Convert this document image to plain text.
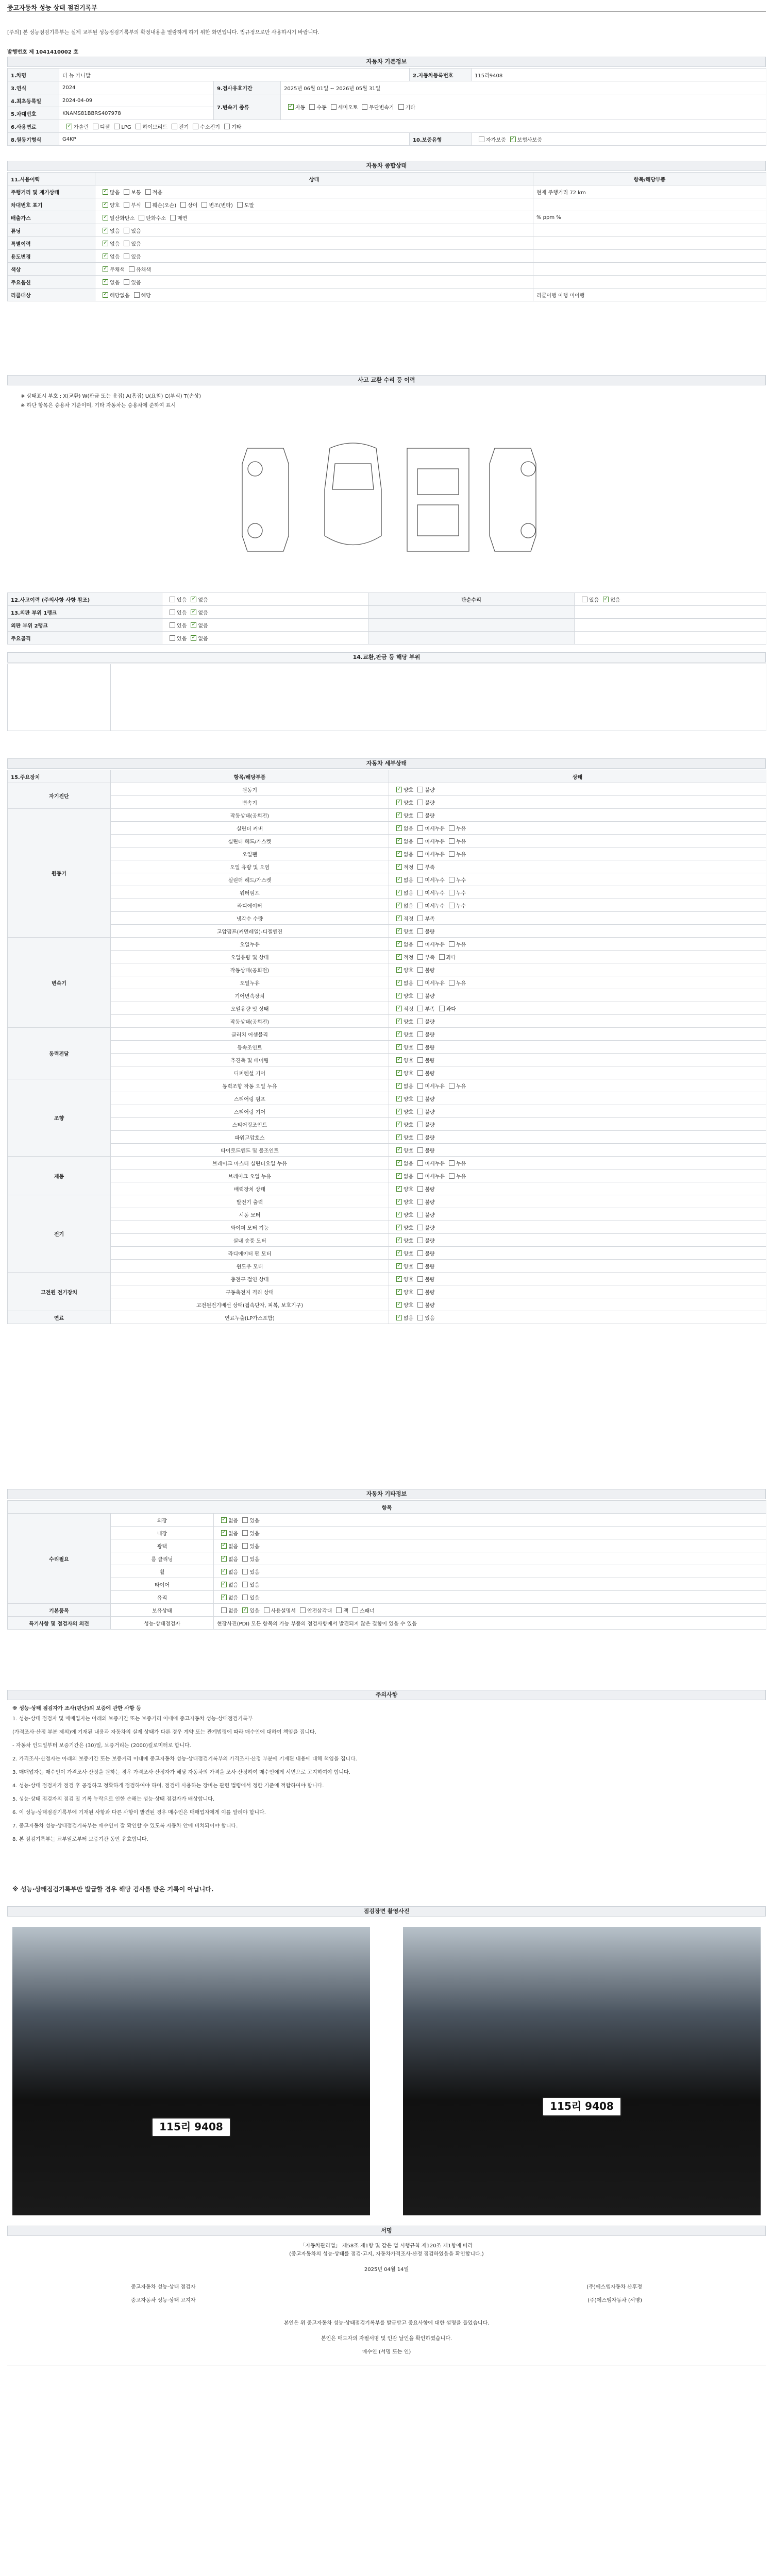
중고자동차 성능 상태 점검기록부
[주의] 본 성능점검기록부는 실제 교부된 성능점검기록부의 확정내용을 열람하게 하기 위한 화면입니다. 법규정으로만 사용하시기 바랍니다.
발행번호 제 1041410002 호
자동차 기본정보
1.차명	더 뉴 카니발			2.자동차등록번호	115리9408
3.연식	2024	9.검사유효기간	2025년 06월 01일 ~ 2026년 05월 31일		
4.최초등록일	2024-04-09	7.변속기 종류	✓자동 수동 세미오토 무단변속기 기타
5.차대번호	KNAMS81BBRS407978				
6.사용연료	✓가솔린 디젤 LPG 하이브리드 전기 수소전기 기타
8.원동기형식	G4KP			10.보증유형	자가보증 ✓ 보험사보증
자동차 종합상태
11.사용이력	상태	항목/해당부품
주행거리 및 계기상태	✓많음 보통 적음	현재 주행거리 72 km
차대번호 표기	✓양호 부식 훼손(오손) 상이 변조(변타) 도말	
배출가스	✓일산화탄소 탄화수소 매연	% ppm %
튜닝	✓없음 있음	
특별이력	✓없음 있음	
용도변경	✓없음 있음	
색상	✓무채색 유채색	
주요옵션	✓없음 있음	
리콜대상	✓해당없음 해당	리콜이행 이행 미이행
사고 교환 수리 등 이력
※ 상태표시 부호 : X(교환) W(판금 또는 용접) A(흠집) U(요철) C(부식) T(손상)
※ 하단 항목은 승용차 기준이며, 기타 자동차는 승용차에 준하여 표시
12.사고이력 (주의사항 사항 참조)	있음 ✓ 없음	단순수리	있음 ✓ 없음
13.외판 부위 1랭크	있음 ✓ 없음		
외판 부위 2랭크	있음 ✓ 없음		
주요골격	있음 ✓ 없음		
14.교환,판금 등 해당 부위

자동차 세부상태
15.주요장치	항목/해당부품	상태
자기진단	원동기	✓양호 불량
	변속기	✓양호 불량
원동기	작동상태(공회전)	✓양호 불량
	실린더 커버	✓없음 미세누유 누유
	실린더 헤드/가스켓	✓없음 미세누유 누유
	오일팬	✓없음 미세누유 누유
	오일 유량 및 오염	✓적정 부족
	실린더 헤드/가스켓	✓없음 미세누수 누수
	워터펌프	✓없음 미세누수 누수
	라디에이터	✓없음 미세누수 누수
	냉각수 수량	✓적정 부족
	고압펌프(커먼레일)-디젤엔진	✓양호 불량
변속기	오일누유	✓없음 미세누유 누유
	오일유량 및 상태	✓적정 부족 과다
	작동상태(공회전)	✓양호 불량
	오일누유	✓없음 미세누유 누유
	기어변속장치	✓양호 불량
	오일유량 및 상태	✓적정 부족 과다
	작동상태(공회전)	✓양호 불량
동력전달	클러치 어셈블리	✓양호 불량
	등속조인트	✓양호 불량
	추진축 및 베어링	✓양호 불량
	디퍼렌셜 기어	✓양호 불량
조향	동력조향 작동 오일 누유	✓없음 미세누유 누유
	스티어링 펌프	✓양호 불량
	스티어링 기어	✓양호 불량
	스티어링조인트	✓양호 불량
	파워고압호스	✓양호 불량
	타이로드엔드 및 볼조인트	✓양호 불량
제동	브레이크 마스터 실린더오일 누유	✓없음 미세누유 누유
	브레이크 오일 누유	✓없음 미세누유 누유
	배력장치 상태	✓양호 불량
전기	발전기 출력	✓양호 불량
	시동 모터	✓양호 불량
	와이퍼 모터 기능	✓양호 불량
	실내 송풍 모터	✓양호 불량
	라디에이터 팬 모터	✓양호 불량
	윈도우 모터	✓양호 불량
고전원 전기장치	충전구 절연 상태	✓양호 불량
	구동축전지 격리 상태	✓양호 불량
	고전원전기배선 상태(접속단자, 피복, 보호기구)	✓양호 불량
연료	연료누출(LP가스포함)	✓없음 있음
자동차 기타정보
항목		
수리필요	외장	✓없음 있음
	내장	✓없음 있음
	광택	✓없음 있음
	룸 클리닝	✓없음 있음
	휠	✓없음 있음
	타이어	✓없음 있음
	유리	✓없음 있음
기본품목	보유상태	없음 ✓ 있음 사용설명서 안전삼각대 잭 스패너
특기사항 및 점검자의 의견	성능·상태점검자	현장사진(PDI) 모든 항목의 가능 부품의 점검사항에서 발견되지 않은 결함이 있을 수 있음
주의사항
※ 성능·상태 점검자가 조사(판단)의 보증에 관한 사항 등
1. 성능·상태 점검자 및 매매업자는 아래의 보증기간 또는 보증거리 이내에 중고자동차 성능·상태점검기록부
(가격조사·산정 부분 제외)에 기재된 내용과 자동차의 실제 상태가 다른 경우 계약 또는 관계법령에 따라 매수인에 대하여 책임을 집니다.
- 자동차 인도일부터 보증기간은 (30)일, 보증거리는 (2000)킬로미터로 합니다.
2. 가격조사·산정자는 아래의 보증기간 또는 보증거리 이내에 중고자동차 성능·상태점검기록부의 가격조사·산정 부분에 기재된 내용에 대해 책임을 집니다.
3. 매매업자는 매수인이 가격조사·산정을 원하는 경우 가격조사·산정자가 해당 자동차의 가격을 조사·산정하여 매수인에게 서면으로 고지하여야 합니다.
4. 성능·상태 점검자가 점검 후 공정하고 정확하게 점검하여야 하며, 점검에 사용하는 장비는 관련 법령에서 정한 기준에 적합하여야 합니다.
5. 성능·상태 점검자의 점검 및 기록 누락으로 인한 손해는 성능·상태 점검자가 배상합니다.
6. 이 성능·상태점검기록부에 기재된 사항과 다른 사항이 발견된 경우 매수인은 매매업자에게 이를 알려야 합니다.
7. 중고자동차 성능·상태점검기록부는 매수인이 잘 확인할 수 있도록 자동차 안에 비치되어야 합니다.
8. 본 점검기록부는 교부일로부터 보증기간 동안 유효합니다.
※ 성능·상태점검기록부만 발급할 경우 해당 검사를 받은 기록이 아닙니다.
점검장면 촬영사진
115리 9408
115리 9408
서명
「자동차관리법」 제58조 제1항 및 같은 법 시행규칙 제120조 제1항에 따라
(중고자동차의 성능·상태를 점검·고지, 자동차가격조사·산정 점검하였음을 확인합니다.)
2025년 04월 14일
중고자동차 성능·상태 점검자	(주)에스엠자동차 산후정
중고자동차 성능·상태 고지자	(주)에스엠자동차 (서명)
본인은 위 중고자동차 성능·상태점검기록부를 발급받고 중요사항에 대한 설명을 들었습니다.
본인은 매도자의 자필서명 및 인감 날인을 확인하였습니다.
매수인 (서명 또는 인)
